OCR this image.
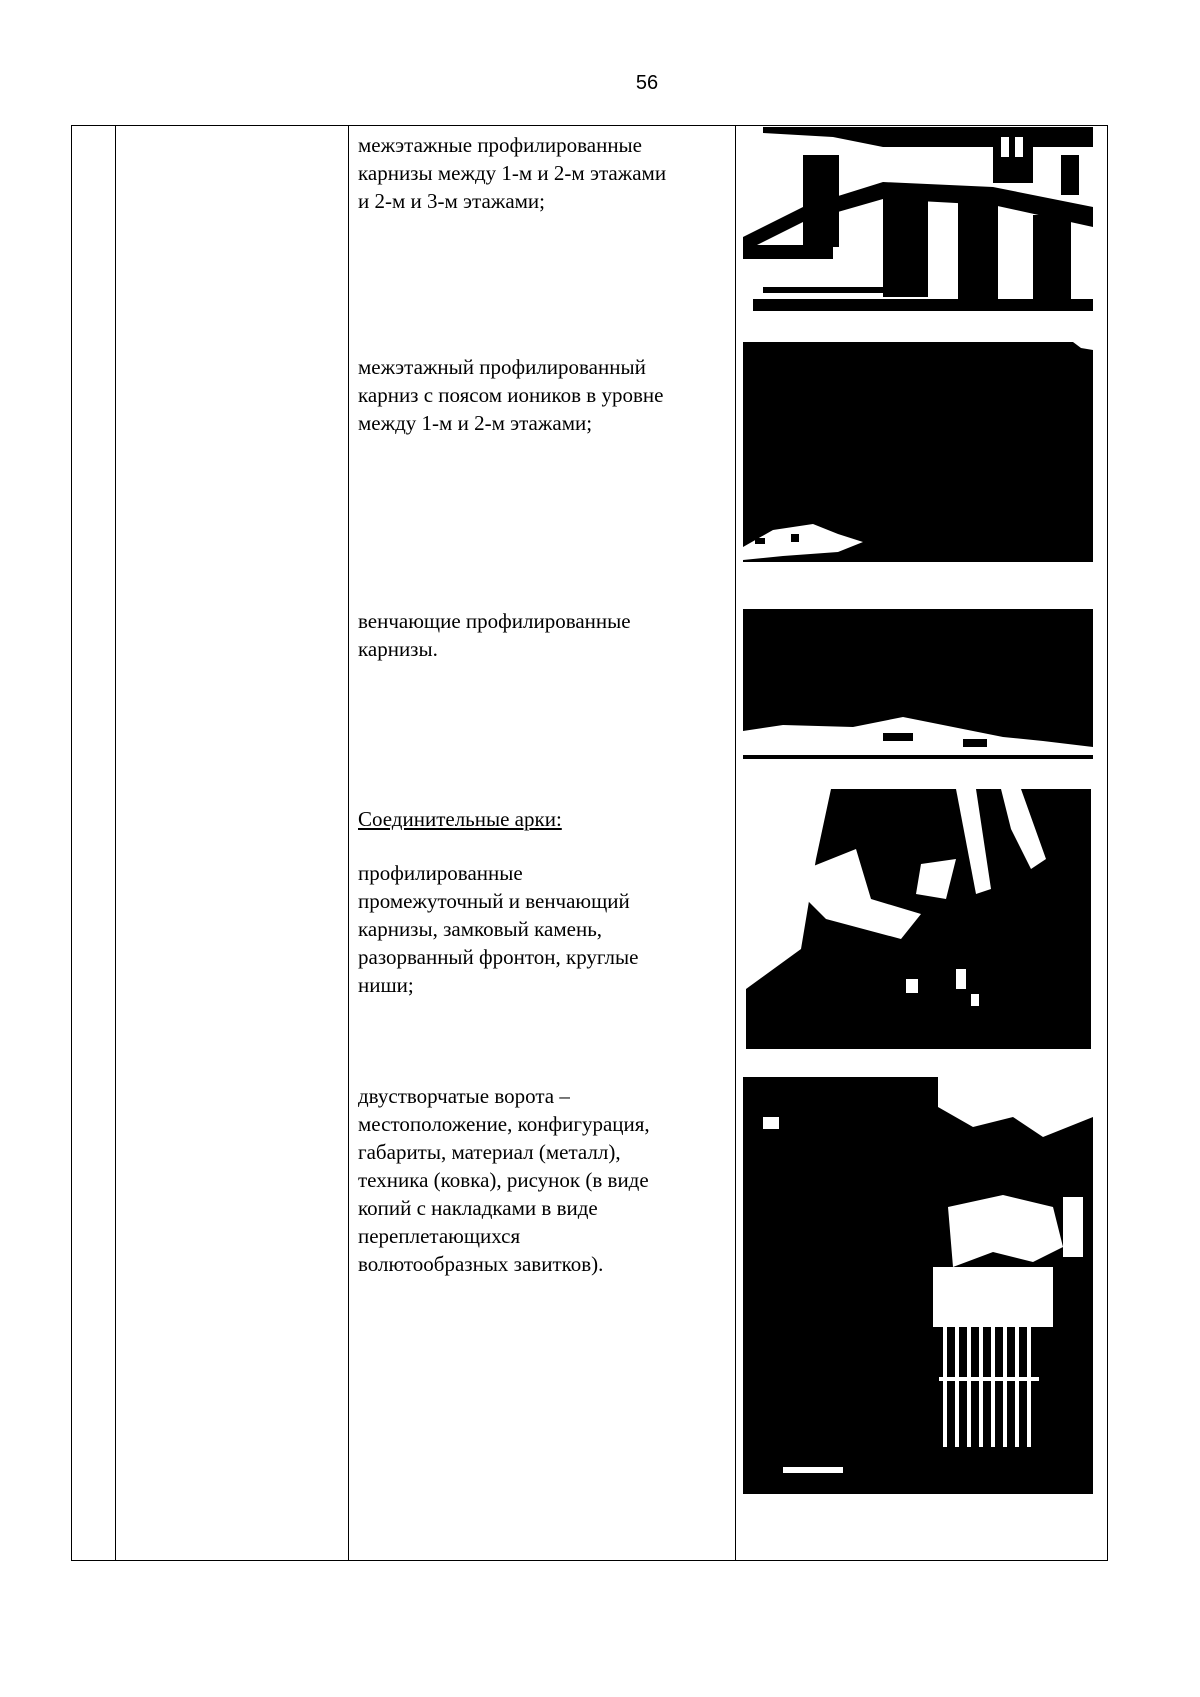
56

межэтажные профилированные

карнизы между 1-м и 2-м этажами

и 2-м и 3-м этажами;

межэтажный профилированный

карниз с поясом иоников в уровне

между 1-м и 2-м этажами;

венчающие профилированные

карнизы.

Соединительные арки:

профилированные

промежуточный и венчающий

карнизы, замковый камень,

разорванный фронтон, круглые

ниши;

двустворчатые ворота –

местоположение, конфигурация,

габариты, материал (металл),

техника (ковка), рисунок (в виде

копий с накладками в виде

переплетающихся

волютообразных завитков).
